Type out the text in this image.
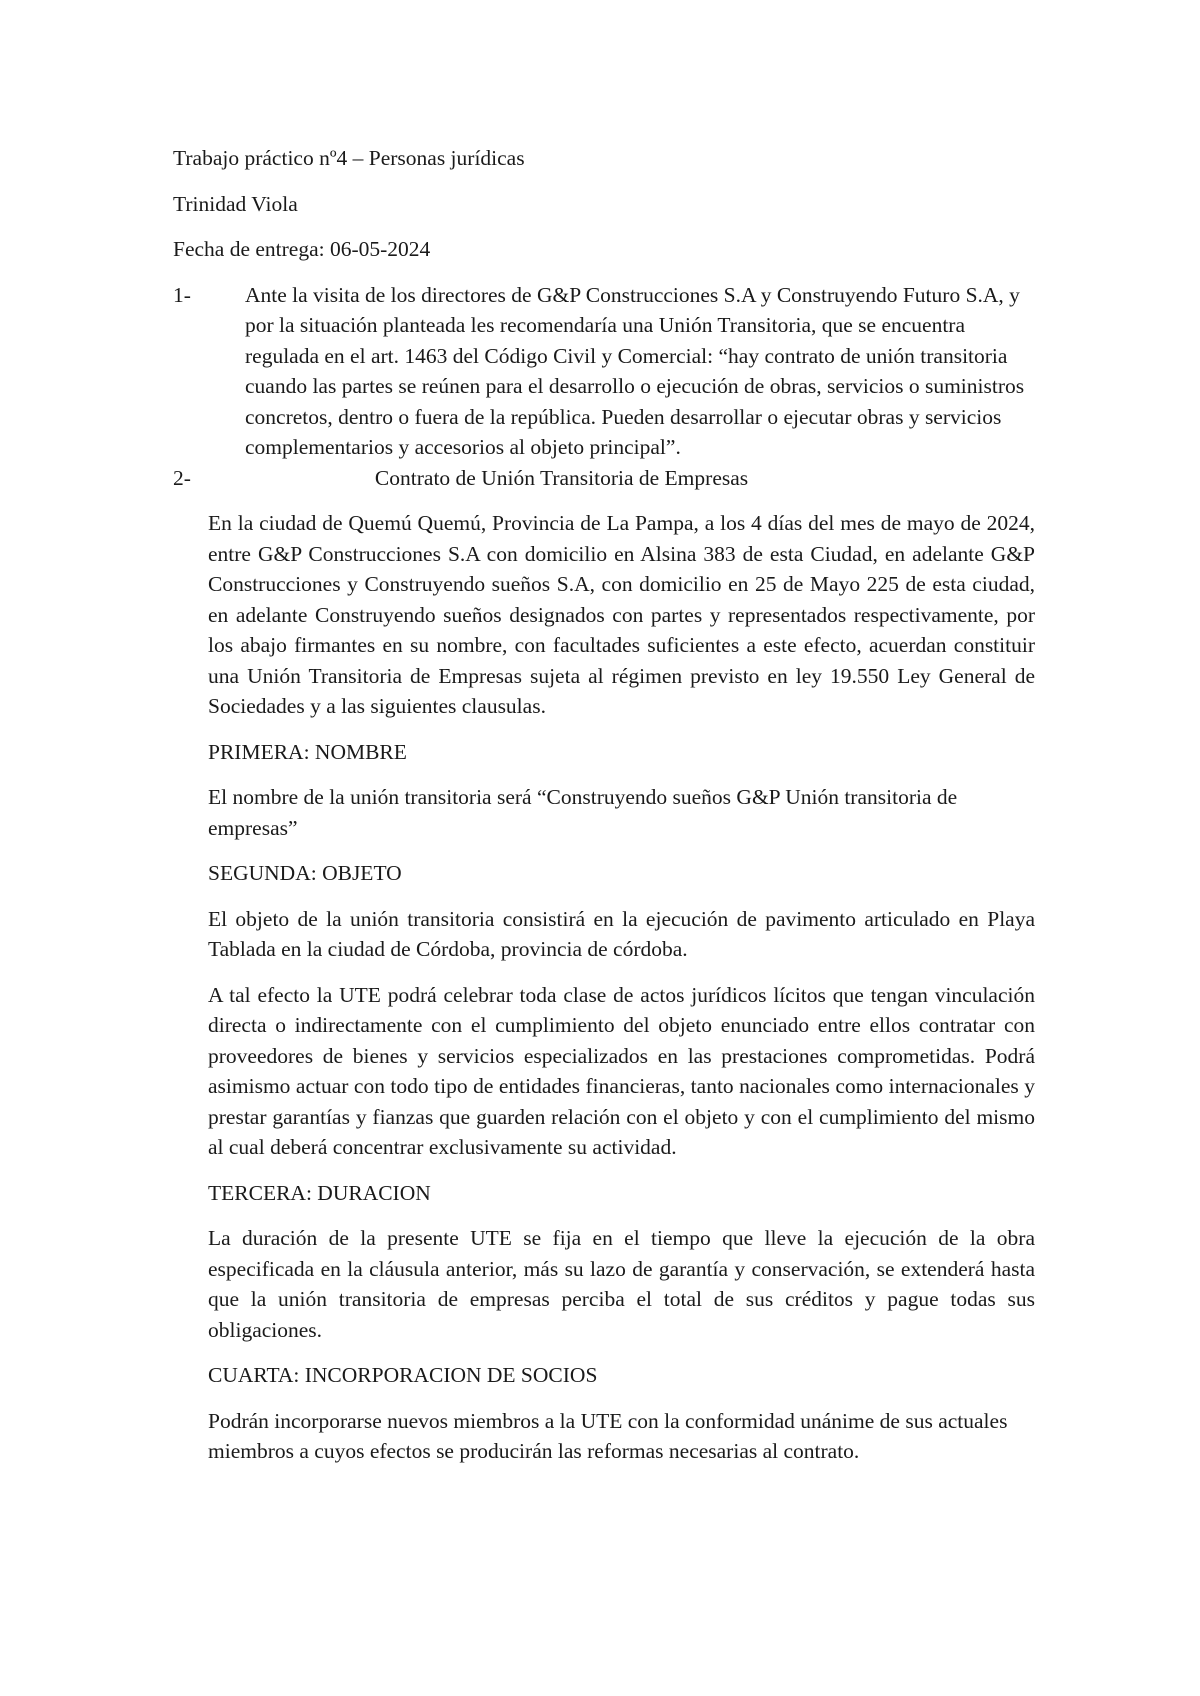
Trabajo práctico nº4 – Personas jurídicas
Trinidad Viola
Fecha de entrega: 06-05-2024
1-	Ante la visita de los directores de G&P Construcciones S.A y Construyendo Futuro S.A, y por la situación planteada les recomendaría una Unión Transitoria, que se encuentra regulada en el art. 1463 del Código Civil y Comercial: “hay contrato de unión transitoria cuando las partes se reúnen para el desarrollo o ejecución de obras, servicios o suministros concretos, dentro o fuera de la república. Pueden desarrollar o ejecutar obras y servicios complementarios y accesorios al objeto principal”.
2-	Contrato de Unión Transitoria de Empresas

En la ciudad de Quemú Quemú, Provincia de La Pampa, a los 4 días del mes de mayo de 2024, entre G&P Construcciones S.A con domicilio en Alsina 383 de esta Ciudad, en adelante G&P Construcciones y Construyendo sueños S.A, con domicilio en 25 de Mayo 225 de esta ciudad, en adelante Construyendo sueños designados con partes y representados respectivamente, por los abajo firmantes en su nombre, con facultades suficientes a este efecto, acuerdan constituir una Unión Transitoria de Empresas sujeta al régimen previsto en ley 19.550 Ley General de Sociedades y a las siguientes clausulas.

PRIMERA: NOMBRE

El nombre de la unión transitoria será “Construyendo sueños G&P Unión transitoria de empresas”

SEGUNDA: OBJETO

El objeto de la unión transitoria consistirá en la ejecución de pavimento articulado en Playa Tablada en la ciudad de Córdoba, provincia de córdoba.

A tal efecto la UTE podrá celebrar toda clase de actos jurídicos lícitos que tengan vinculación directa o indirectamente con el cumplimiento del objeto enunciado entre ellos contratar con proveedores de bienes y servicios especializados en las prestaciones comprometidas. Podrá asimismo actuar con todo tipo de entidades financieras, tanto nacionales como internacionales y prestar garantías y fianzas que guarden relación con el objeto y con el cumplimiento del mismo al cual deberá concentrar exclusivamente su actividad.

TERCERA: DURACION

La duración de la presente UTE se fija en el tiempo que lleve la ejecución de la obra especificada en la cláusula anterior, más su lazo de garantía y conservación, se extenderá hasta que la unión transitoria de empresas perciba el total de sus créditos y pague todas sus obligaciones.

CUARTA: INCORPORACION DE SOCIOS

Podrán incorporarse nuevos miembros a la UTE con la conformidad unánime de sus actuales miembros a cuyos efectos se producirán las reformas necesarias al contrato.
